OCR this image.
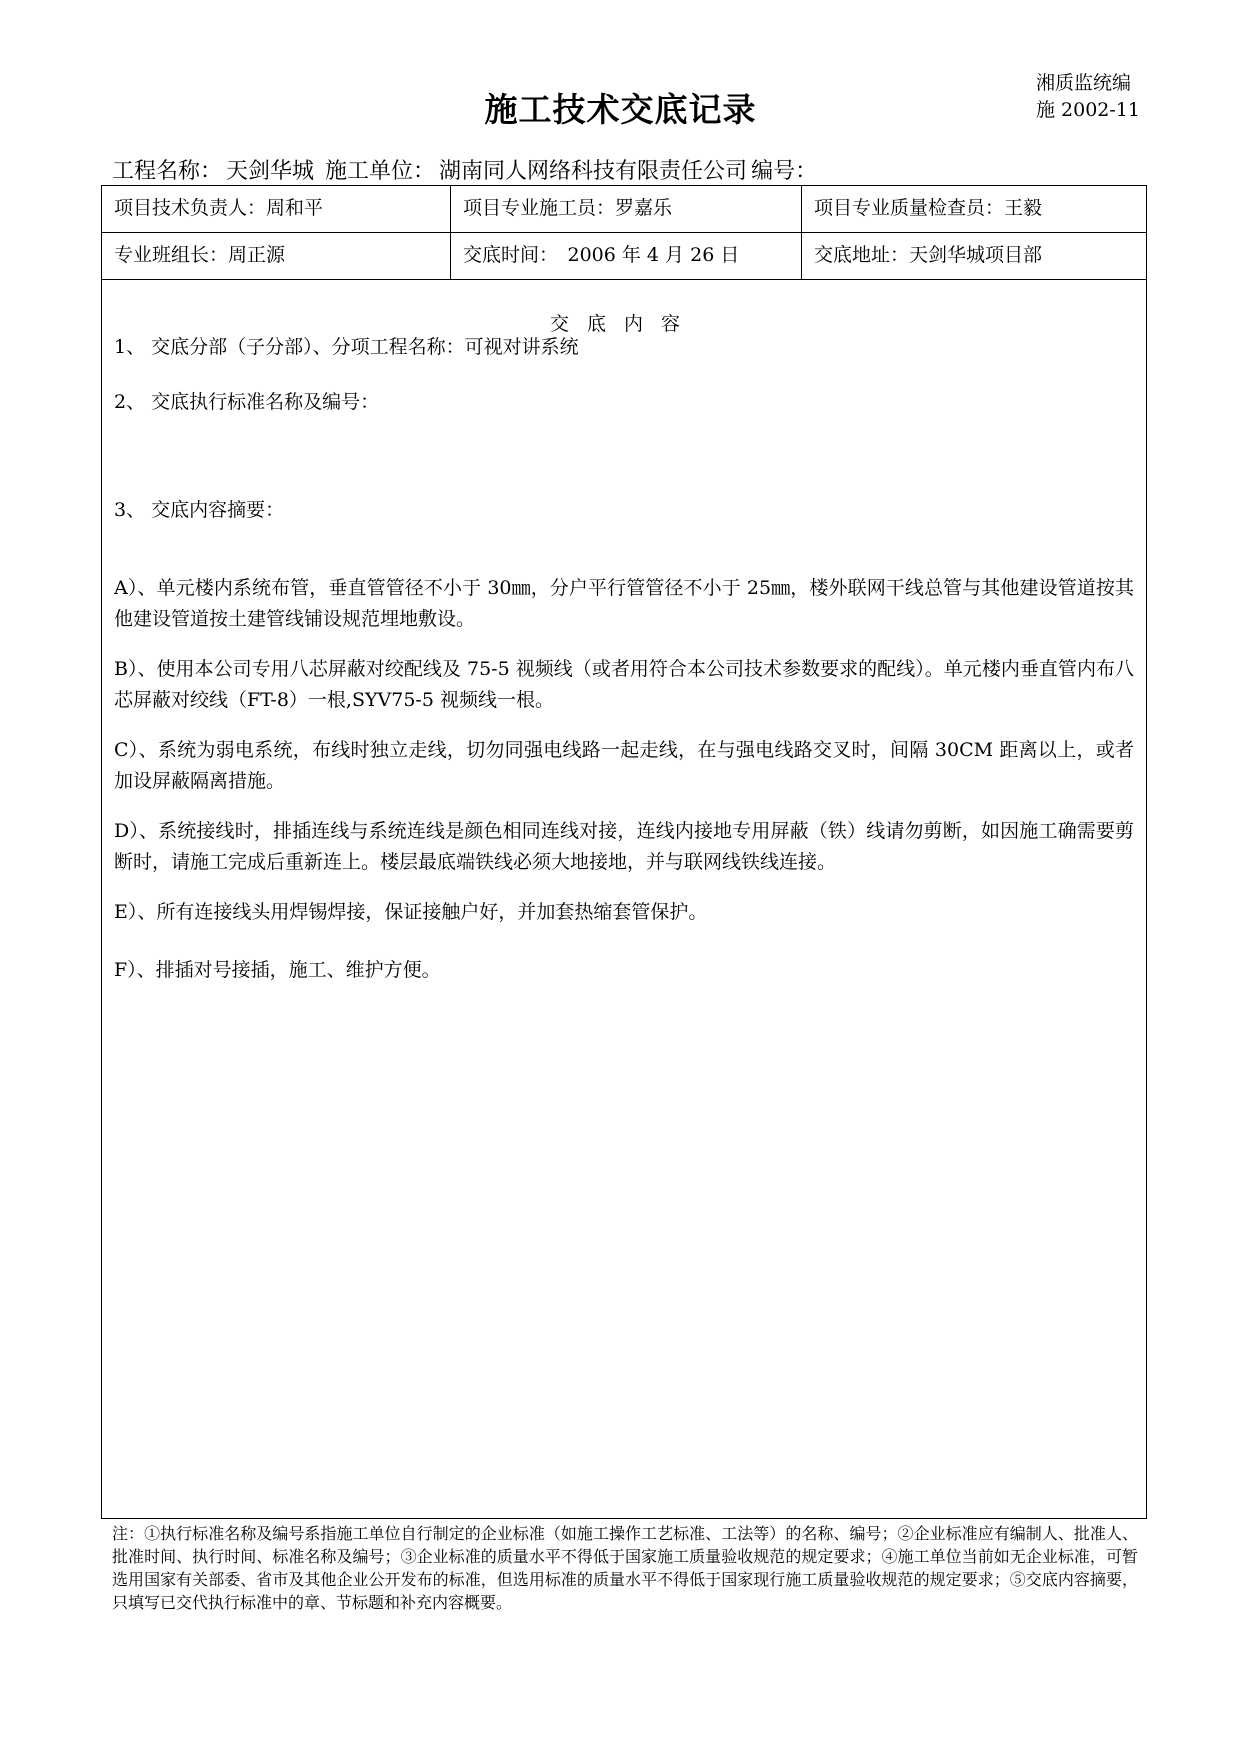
湘质监统编
施 2002-11
施工技术交底记录
工程名称： 天剑华城 施工单位： 湖南同人网络科技有限责任公司 编号：
项目技术负责人：周和平	项目专业施工员：罗嘉乐	项目专业质量检查员：王毅
专业班组长：周正源	交底时间：　2006 年 4 月 26 日	交底地址：天剑华城项目部
交底内容
1、 交底分部（子分部）、分项工程名称：可视对讲系统
2、 交底执行标准名称及编号：
3、 交底内容摘要：
A）、单元楼内系统布管，垂直管管径不小于 30㎜，分户平行管管径不小于 25㎜，楼外联网干线总管与其他建设管道按其他建设管道按土建管线铺设规范埋地敷设。
B）、使用本公司专用八芯屏蔽对绞配线及 75-5 视频线（或者用符合本公司技术参数要求的配线）。单元楼内垂直管内布八芯屏蔽对绞线（FT-8）一根,SYV75-5 视频线一根。
C）、系统为弱电系统，布线时独立走线，切勿同强电线路一起走线，在与强电线路交叉时，间隔 30CM 距离以上，或者加设屏蔽隔离措施。
D）、系统接线时，排插连线与系统连线是颜色相同连线对接，连线内接地专用屏蔽（铁）线请勿剪断，如因施工确需要剪断时，请施工完成后重新连上。楼层最底端铁线必须大地接地，并与联网线铁线连接。
E）、所有连接线头用焊锡焊接，保证接触户好，并加套热缩套管保护。
F）、排插对号接插，施工、维护方便。
注：①执行标准名称及编号系指施工单位自行制定的企业标准（如施工操作工艺标准、工法等）的名称、编号；②企业标准应有编制人、批准人、批准时间、执行时间、标准名称及编号；③企业标准的质量水平不得低于国家施工质量验收规范的规定要求；④施工单位当前如无企业标准，可暂选用国家有关部委、省市及其他企业公开发布的标准，但选用标准的质量水平不得低于国家现行施工质量验收规范的规定要求；⑤交底内容摘要，只填写已交代执行标准中的章、节标题和补充内容概要。
